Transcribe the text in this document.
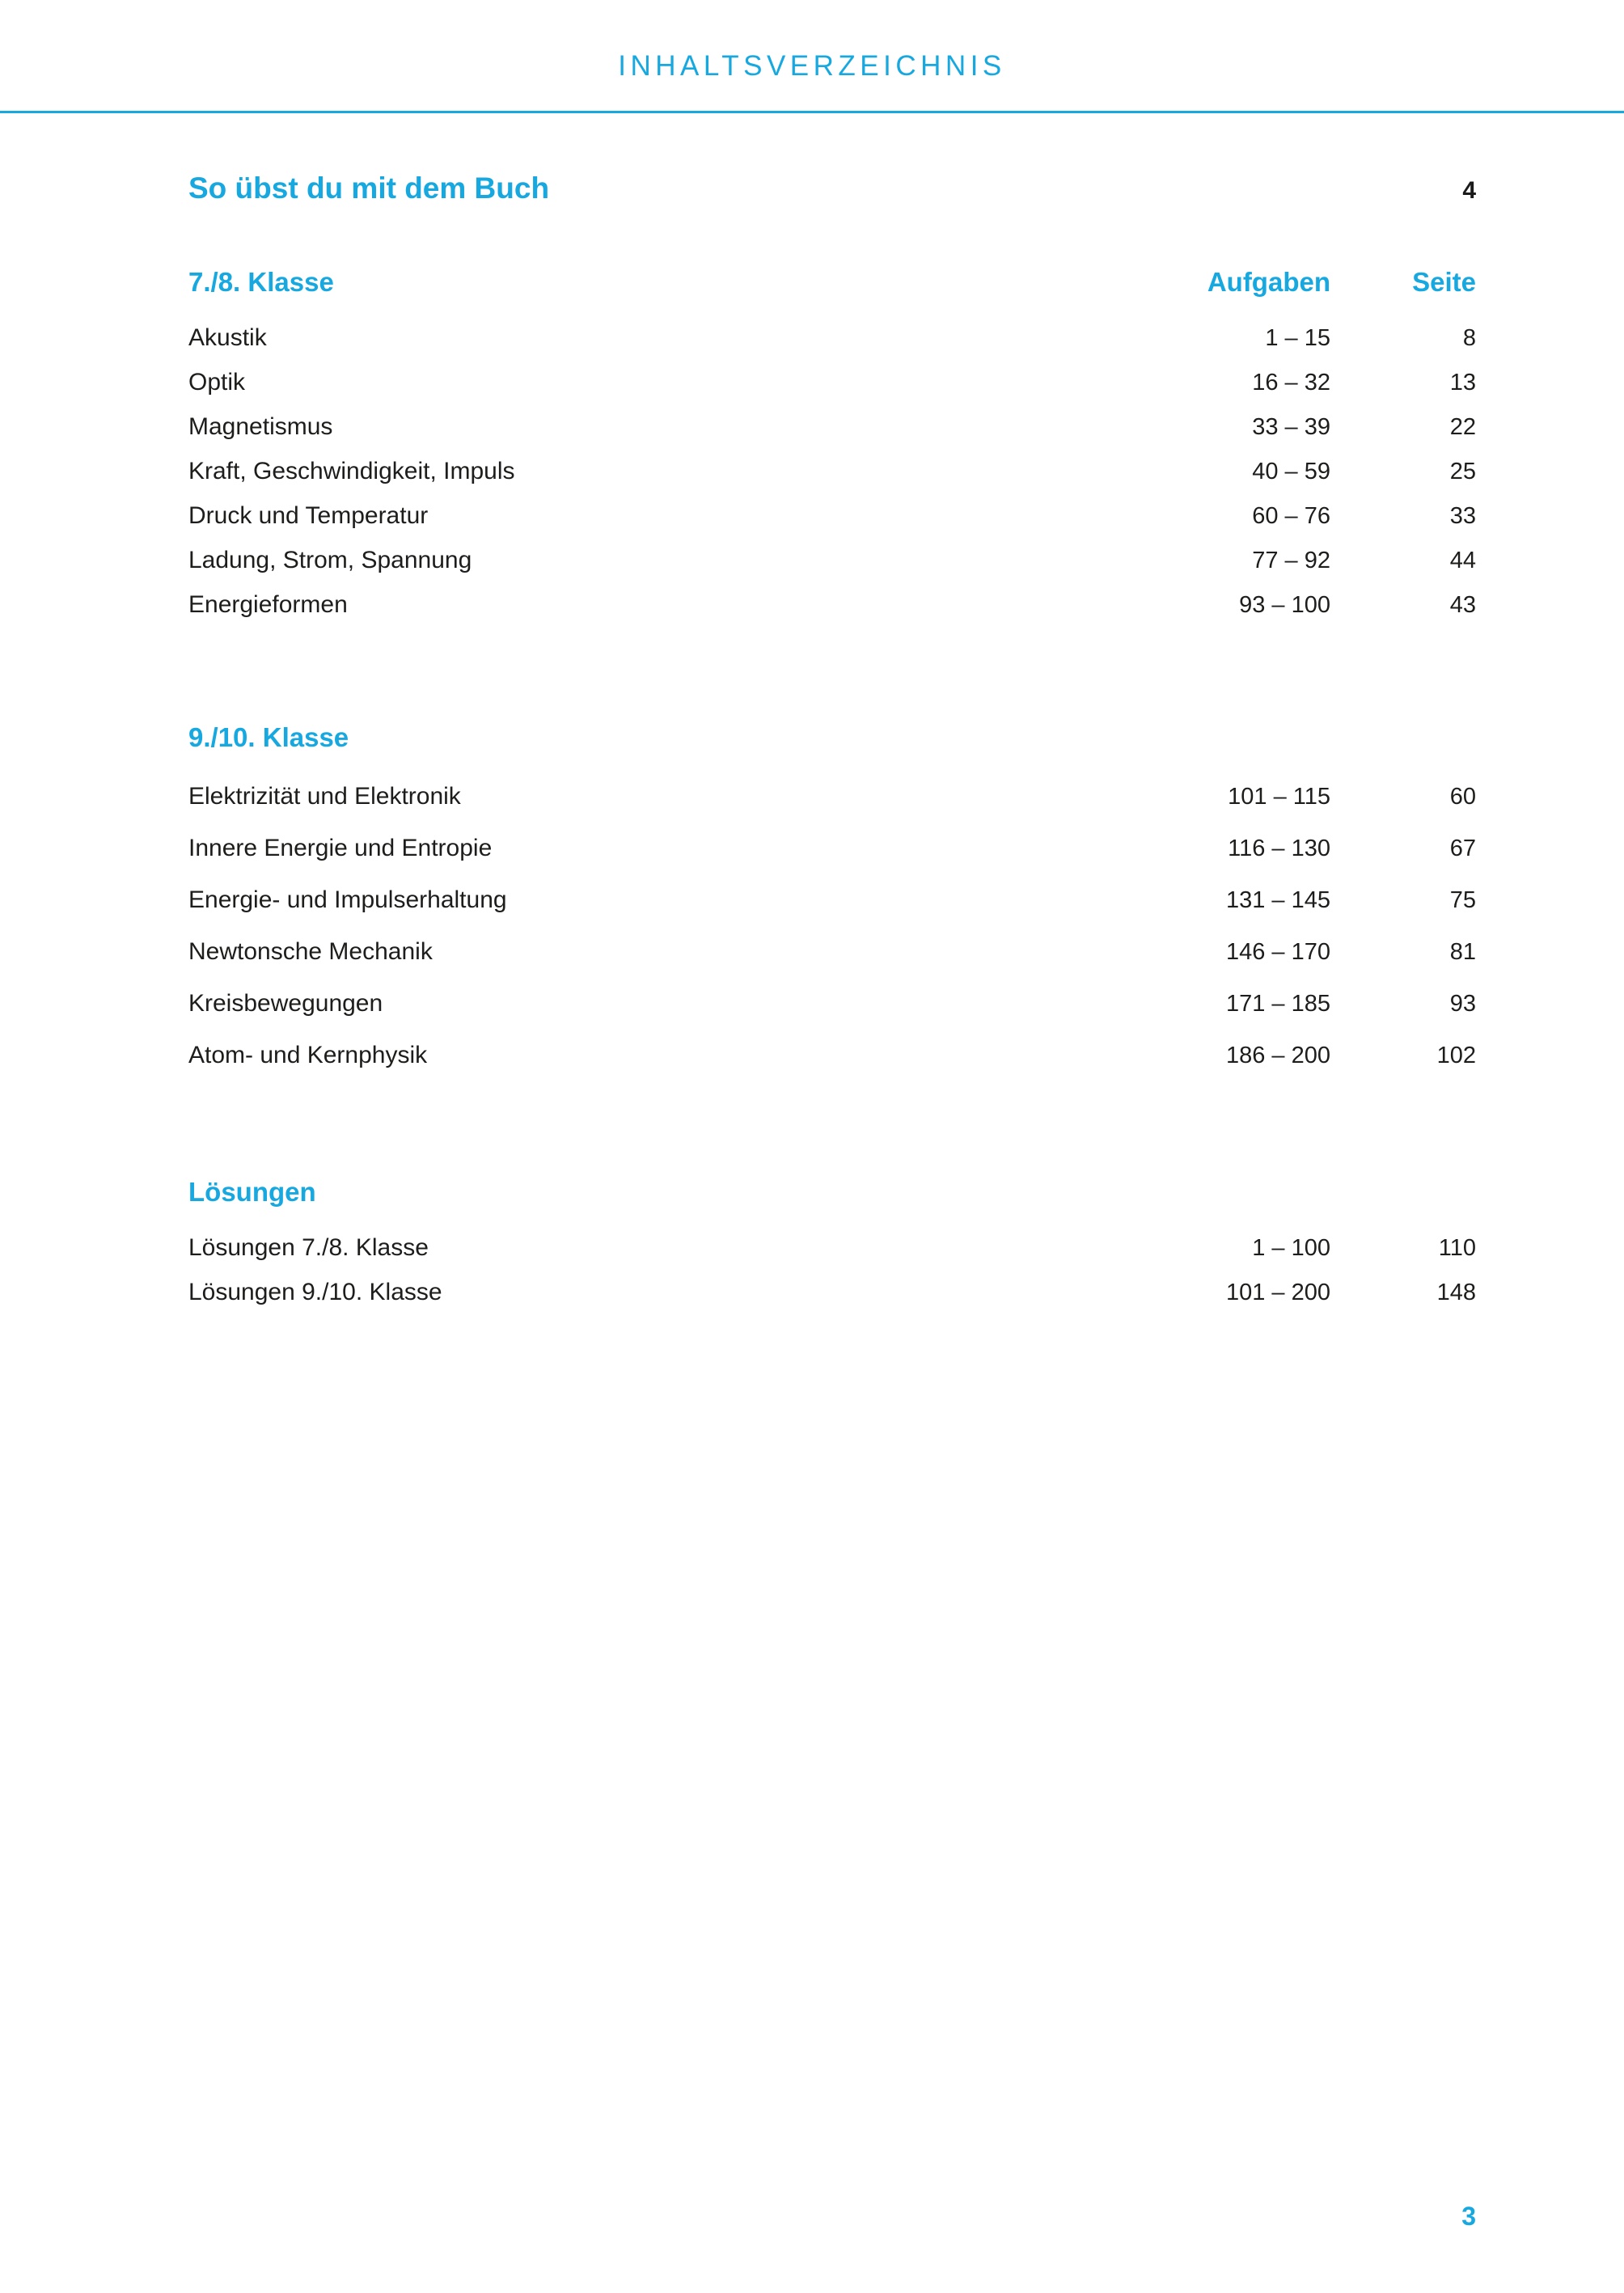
INHALTSVERZEICHNIS
So übst du mit dem Buch	4
7./8. Klasse	Aufgaben	Seite
Akustik	1 – 15	8
Optik	16 – 32	13
Magnetismus	33 – 39	22
Kraft, Geschwindigkeit, Impuls	40 – 59	25
Druck und Temperatur	60 – 76	33
Ladung, Strom, Spannung	77 – 92	44
Energieformen	93 – 100	43
9./10. Klasse
Elektrizität und Elektronik	101 – 115	60
Innere Energie und Entropie	116 – 130	67
Energie- und Impulserhaltung	131 – 145	75
Newtonsche Mechanik	146 – 170	81
Kreisbewegungen	171 – 185	93
Atom- und Kernphysik	186 – 200	102
Lösungen
Lösungen 7./8. Klasse	1 – 100	110
Lösungen 9./10. Klasse	101 – 200	148
3
